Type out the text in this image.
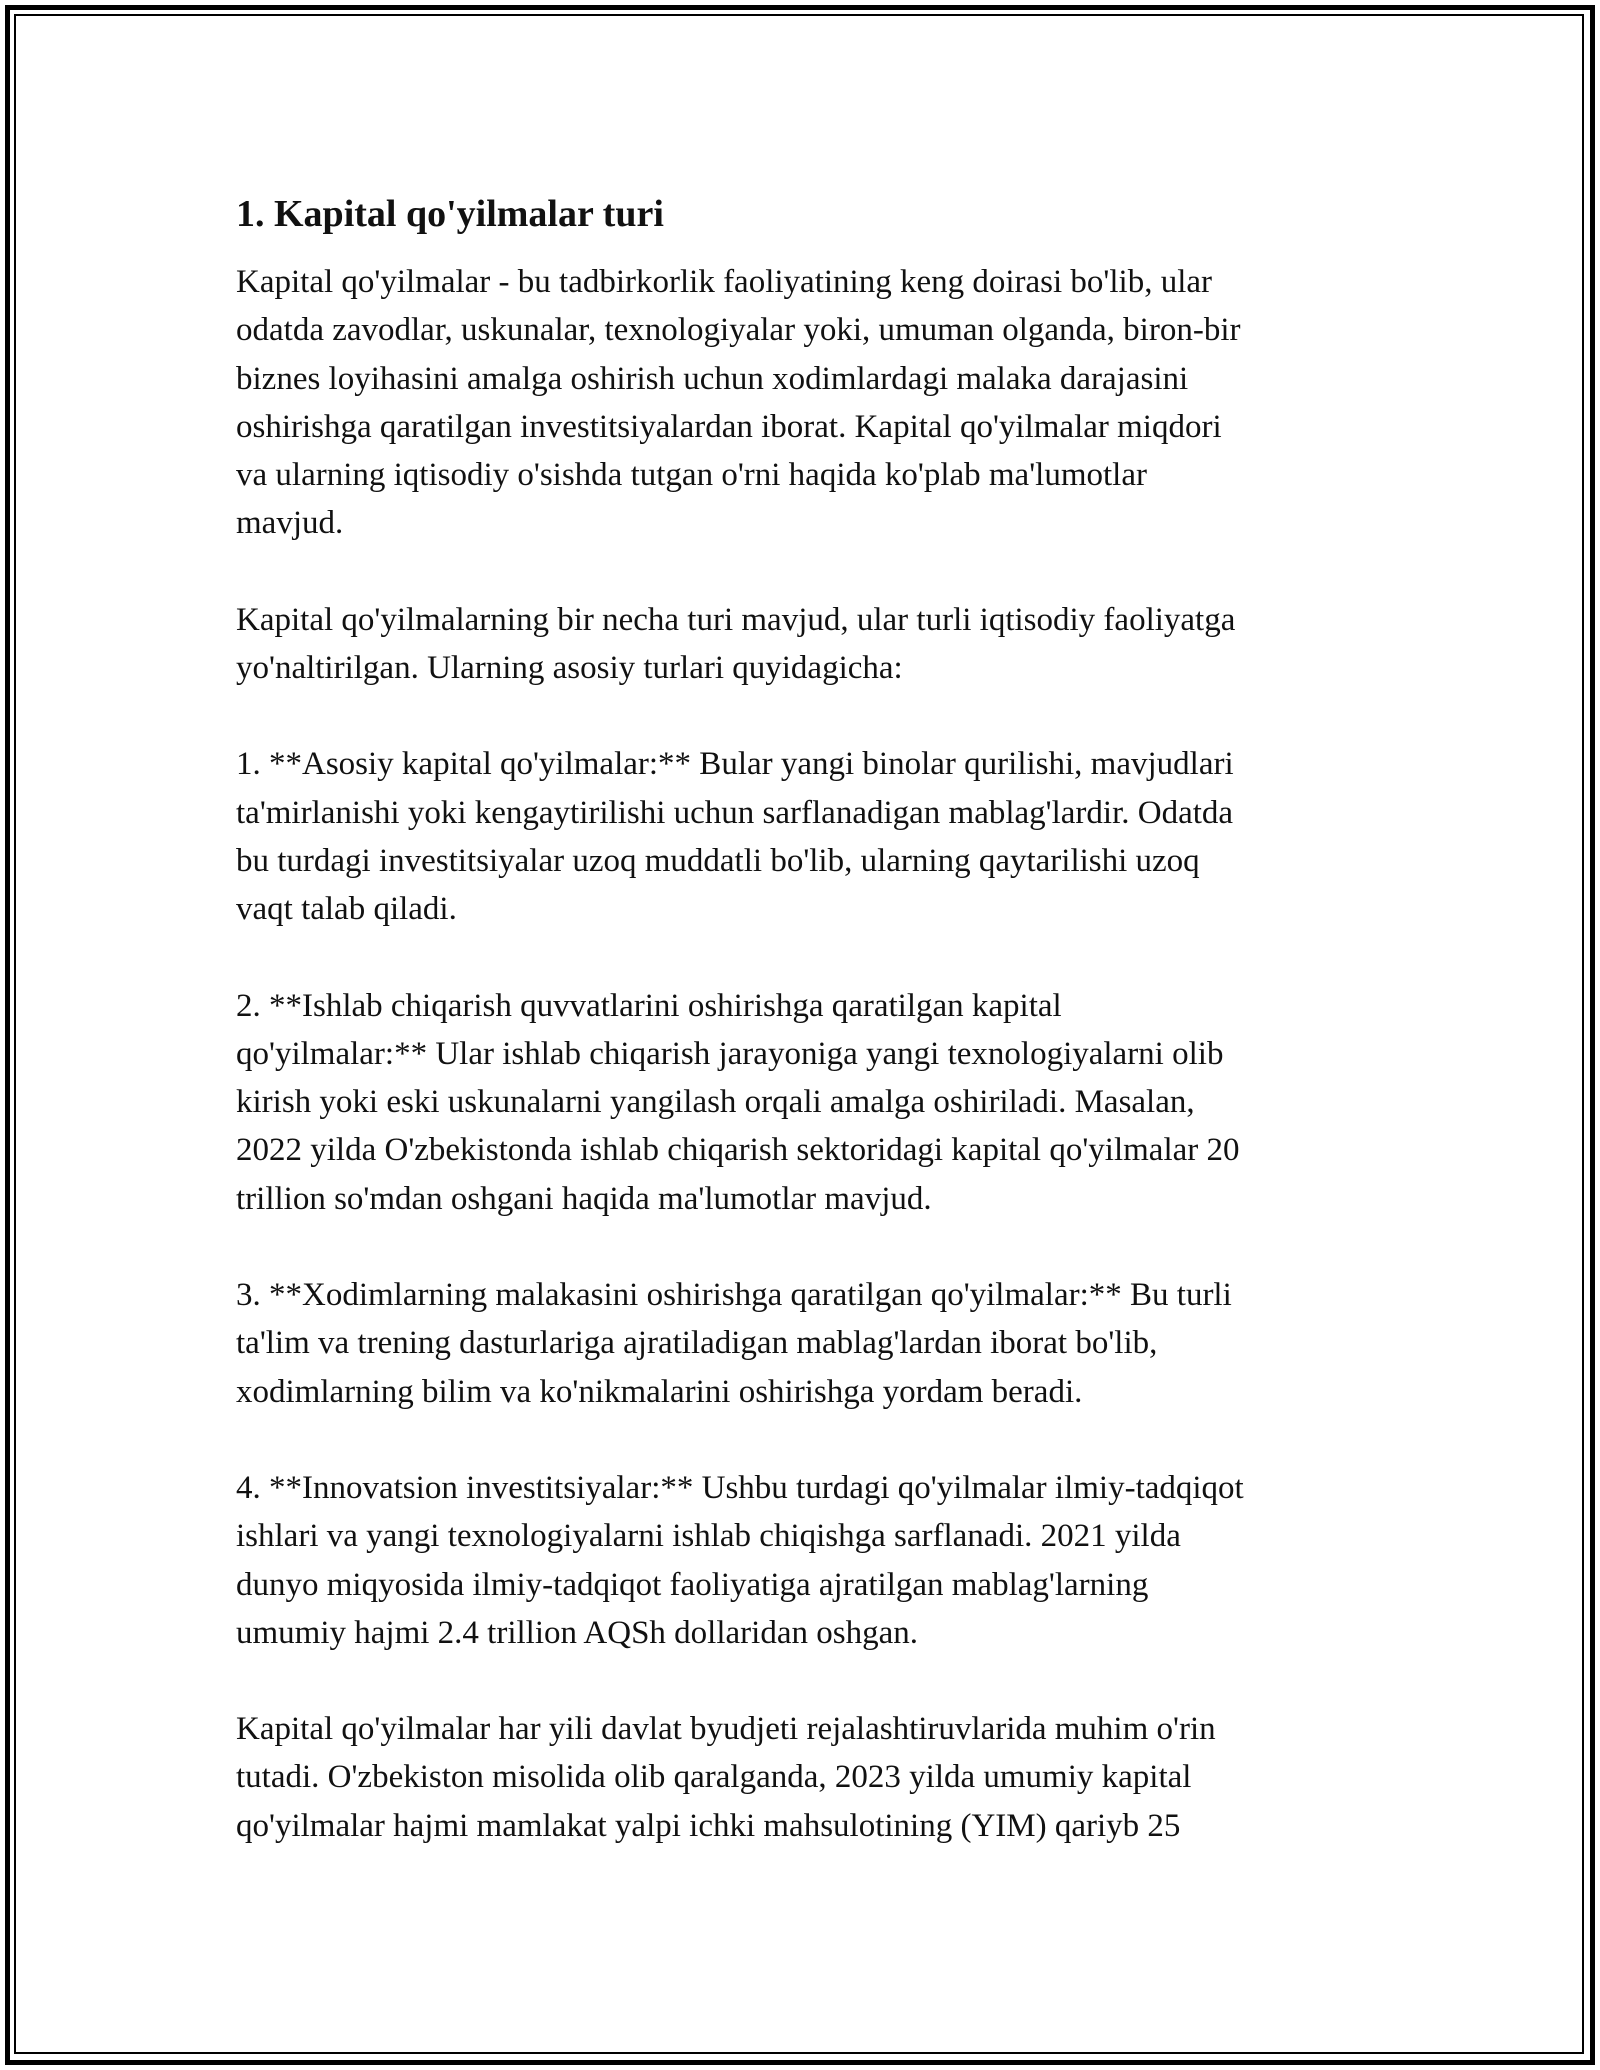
1. Kapital qo'yilmalar turi

Kapital qo'yilmalar - bu tadbirkorlik faoliyatining keng doirasi bo'lib, ular
odatda zavodlar, uskunalar, texnologiyalar yoki, umuman olganda, biron-bir
biznes loyihasini amalga oshirish uchun xodimlardagi malaka darajasini
oshirishga qaratilgan investitsiyalardan iborat. Kapital qo'yilmalar miqdori
va ularning iqtisodiy o'sishda tutgan o'rni haqida ko'plab ma'lumotlar
mavjud.

Kapital qo'yilmalarning bir necha turi mavjud, ular turli iqtisodiy faoliyatga
yo'naltirilgan. Ularning asosiy turlari quyidagicha:

1. **Asosiy kapital qo'yilmalar:** Bular yangi binolar qurilishi, mavjudlari
ta'mirlanishi yoki kengaytirilishi uchun sarflanadigan mablag'lardir. Odatda
bu turdagi investitsiyalar uzoq muddatli bo'lib, ularning qaytarilishi uzoq
vaqt talab qiladi.

2. **Ishlab chiqarish quvvatlarini oshirishga qaratilgan kapital
qo'yilmalar:** Ular ishlab chiqarish jarayoniga yangi texnologiyalarni olib
kirish yoki eski uskunalarni yangilash orqali amalga oshiriladi. Masalan,
2022 yilda O'zbekistonda ishlab chiqarish sektoridagi kapital qo'yilmalar 20
trillion so'mdan oshgani haqida ma'lumotlar mavjud.

3. **Xodimlarning malakasini oshirishga qaratilgan qo'yilmalar:** Bu turli
ta'lim va trening dasturlariga ajratiladigan mablag'lardan iborat bo'lib,
xodimlarning bilim va ko'nikmalarini oshirishga yordam beradi.

4. **Innovatsion investitsiyalar:** Ushbu turdagi qo'yilmalar ilmiy-tadqiqot
ishlari va yangi texnologiyalarni ishlab chiqishga sarflanadi. 2021 yilda
dunyo miqyosida ilmiy-tadqiqot faoliyatiga ajratilgan mablag'larning
umumiy hajmi 2.4 trillion AQSh dollaridan oshgan.

Kapital qo'yilmalar har yili davlat byudjeti rejalashtiruvlarida muhim o'rin
tutadi. O'zbekiston misolida olib qaralganda, 2023 yilda umumiy kapital
qo'yilmalar hajmi mamlakat yalpi ichki mahsulotining (YIM) qariyb 25
